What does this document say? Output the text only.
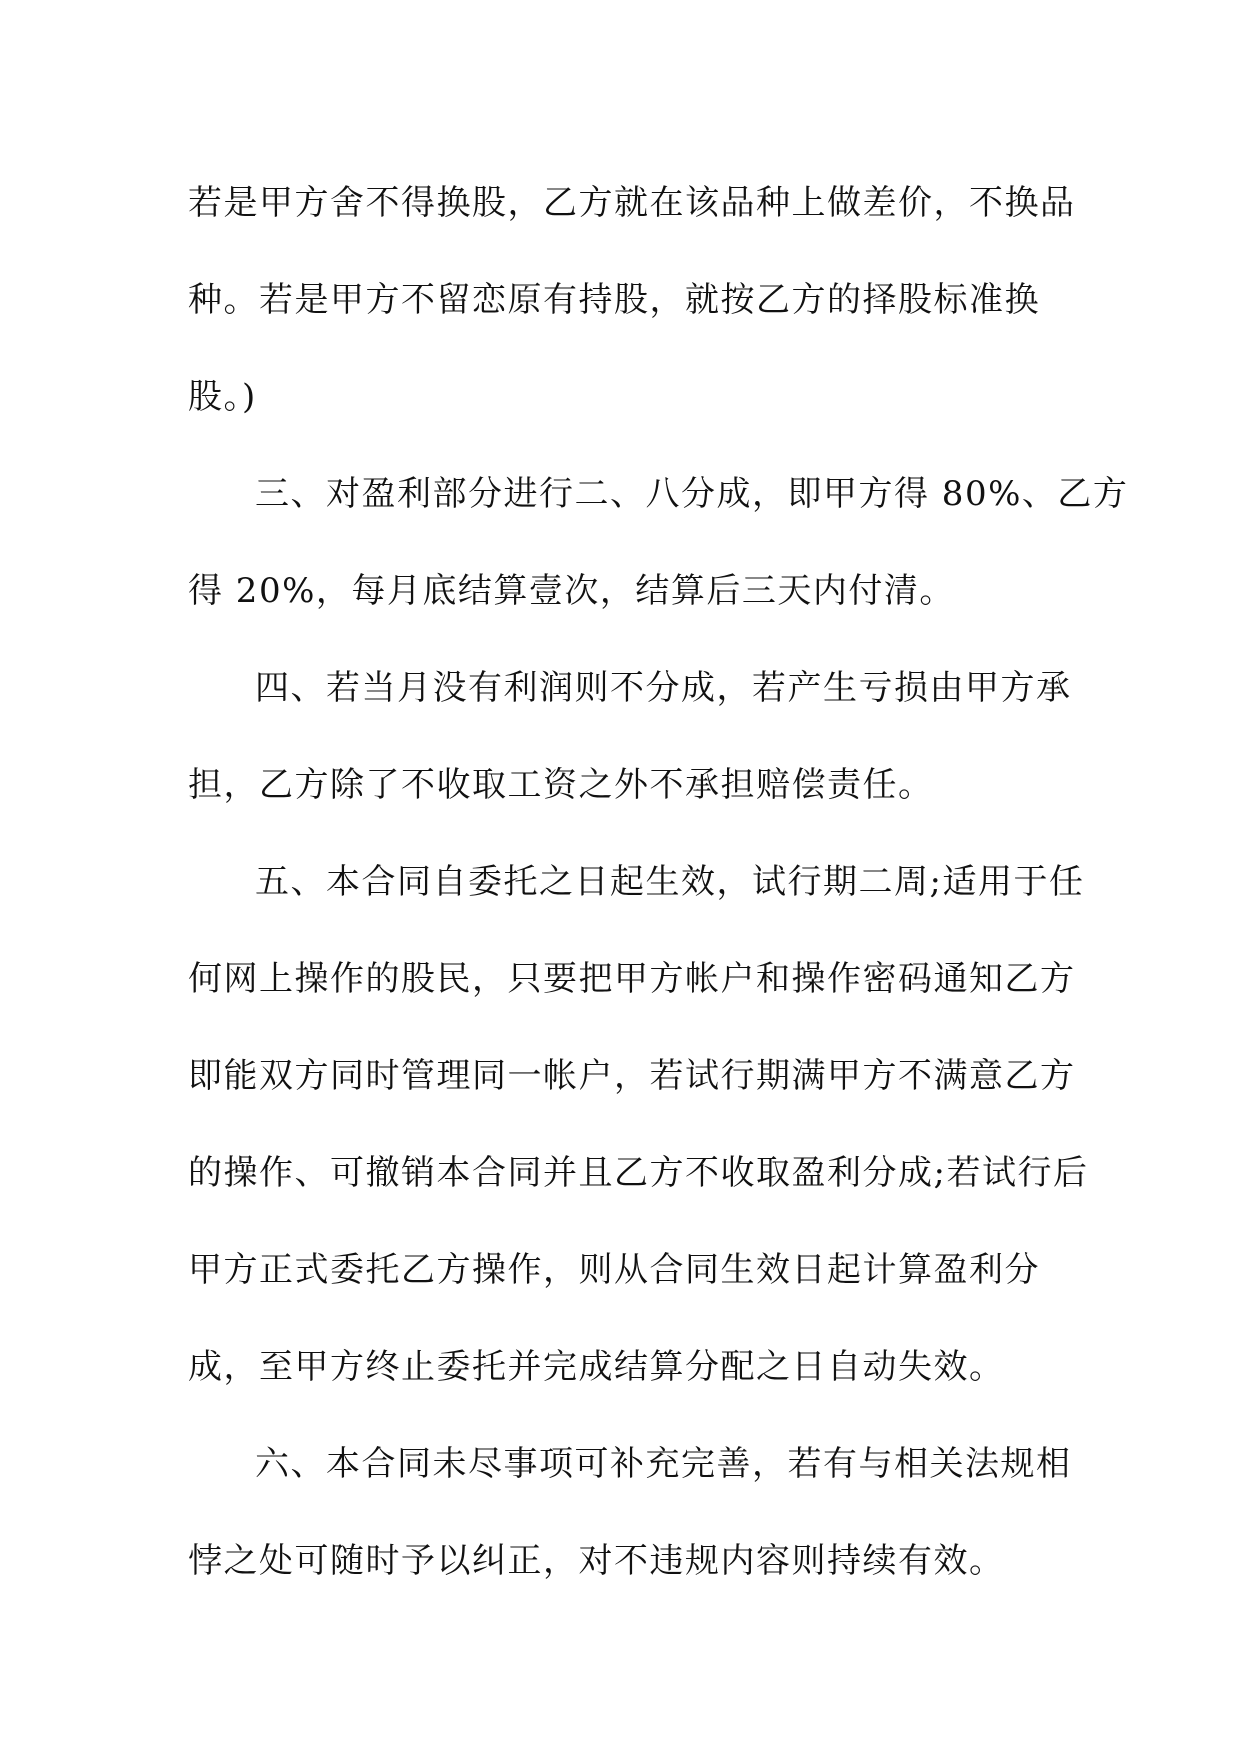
若是甲方舍不得换股，乙方就在该品种上做差价，不换品
种。若是甲方不留恋原有持股，就按乙方的择股标准换
股。)
三、对盈利部分进行二、八分成，即甲方得 80%、乙方
得 20%，每月底结算壹次，结算后三天内付清。
四、若当月没有利润则不分成，若产生亏损由甲方承
担，乙方除了不收取工资之外不承担赔偿责任。
五、本合同自委托之日起生效，试行期二周;适用于任
何网上操作的股民，只要把甲方帐户和操作密码通知乙方
即能双方同时管理同一帐户，若试行期满甲方不满意乙方
的操作、可撤销本合同并且乙方不收取盈利分成;若试行后
甲方正式委托乙方操作，则从合同生效日起计算盈利分
成，至甲方终止委托并完成结算分配之日自动失效。
六、本合同未尽事项可补充完善，若有与相关法规相
悖之处可随时予以纠正，对不违规内容则持续有效。
